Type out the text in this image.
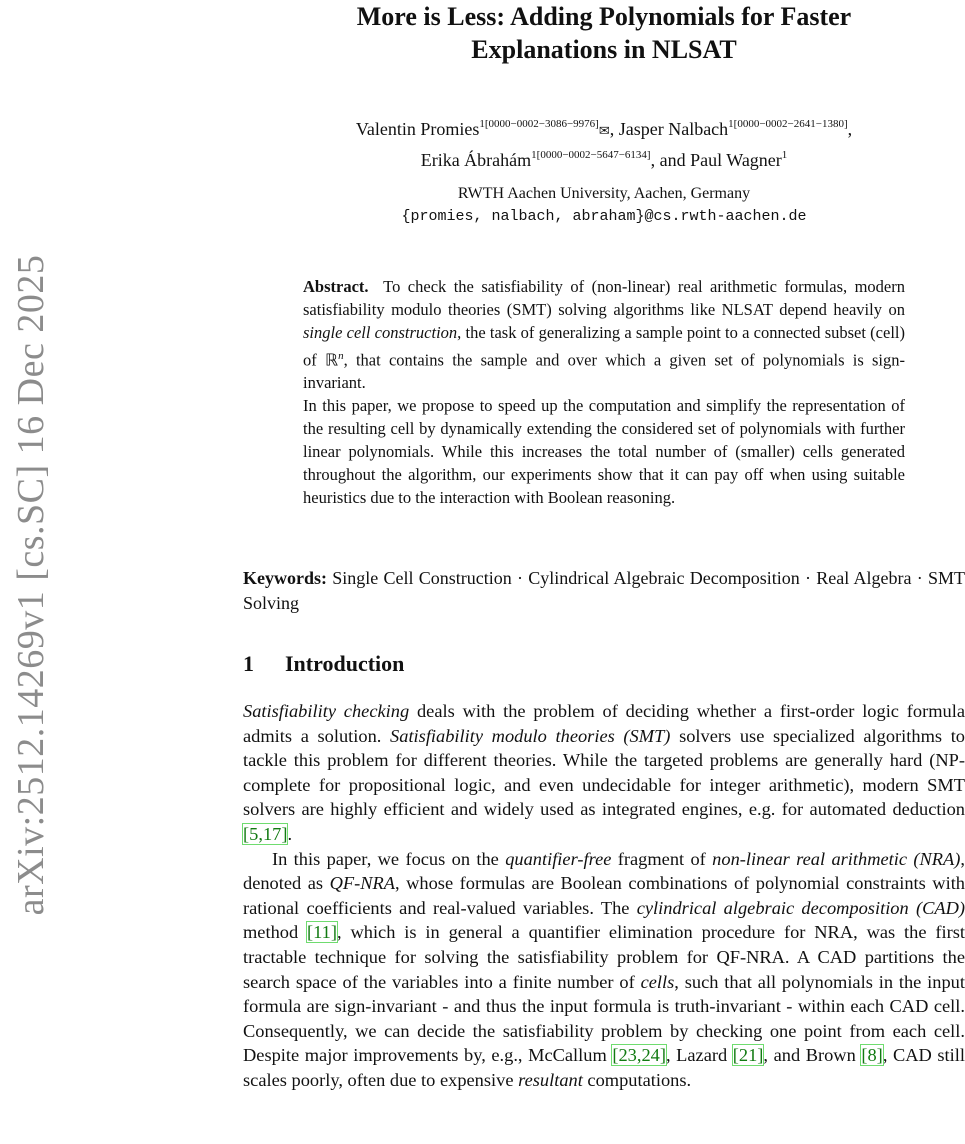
arXiv:2512.14269v1 [cs.SC] 16 Dec 2025
More is Less: Adding Polynomials for Faster
Explanations in NLSAT
Valentin Promies$^{1[0000-0002-3086-9976]}$✉, Jasper Nalbach$^{1[0000-0002-2641-1380]}$,
Erika Ábrahám$^{1[0000-0002-5647-6134]}$, and Paul Wagner$^1$
RWTH Aachen University, Aachen, Germany
{promies, nalbach, abraham}@cs.rwth-aachen.de

Abstract. To check the satisfiability of (non-linear) real arithmetic formulas, modern satisfiability modulo theories (SMT) solving algorithms like NLSAT depend heavily on single cell construction, the task of generalizing a sample point to a connected subset (cell) of ℝ$^n$, that contains the sample and over which a given set of polynomials is sign-invariant.

In this paper, we propose to speed up the computation and simplify the representation of the resulting cell by dynamically extending the considered set of polynomials with further linear polynomials. While this increases the total number of (smaller) cells generated throughout the algorithm, our experiments show that it can pay off when using suitable heuristics due to the interaction with Boolean reasoning.

Keywords: Single Cell Construction · Cylindrical Algebraic Decomposition · Real Algebra · SMT Solving
1 Introduction

Satisfiability checking deals with the problem of deciding whether a first-order logic formula admits a solution. Satisfiability modulo theories (SMT) solvers use specialized algorithms to tackle this problem for different theories. While the targeted problems are generally hard (NP-complete for propositional logic, and even undecidable for integer arithmetic), modern SMT solvers are highly efficient and widely used as integrated engines, e.g. for automated deduction [5,17].

In this paper, we focus on the quantifier-free fragment of non-linear real arithmetic (NRA), denoted as QF-NRA, whose formulas are Boolean combinations of polynomial constraints with rational coefficients and real-valued variables. The cylindrical algebraic decomposition (CAD) method [11], which is in general a quantifier elimination procedure for NRA, was the first tractable technique for solving the satisfiability problem for QF-NRA. A CAD partitions the search space of the variables into a finite number of cells, such that all polynomials in the input formula are sign-invariant - and thus the input formula is truth-invariant - within each CAD cell. Consequently, we can decide the satisfiability problem by checking one point from each cell. Despite major improvements by, e.g., McCallum [23,24], Lazard [21], and Brown [8], CAD still scales poorly, often due to expensive resultant computations.
